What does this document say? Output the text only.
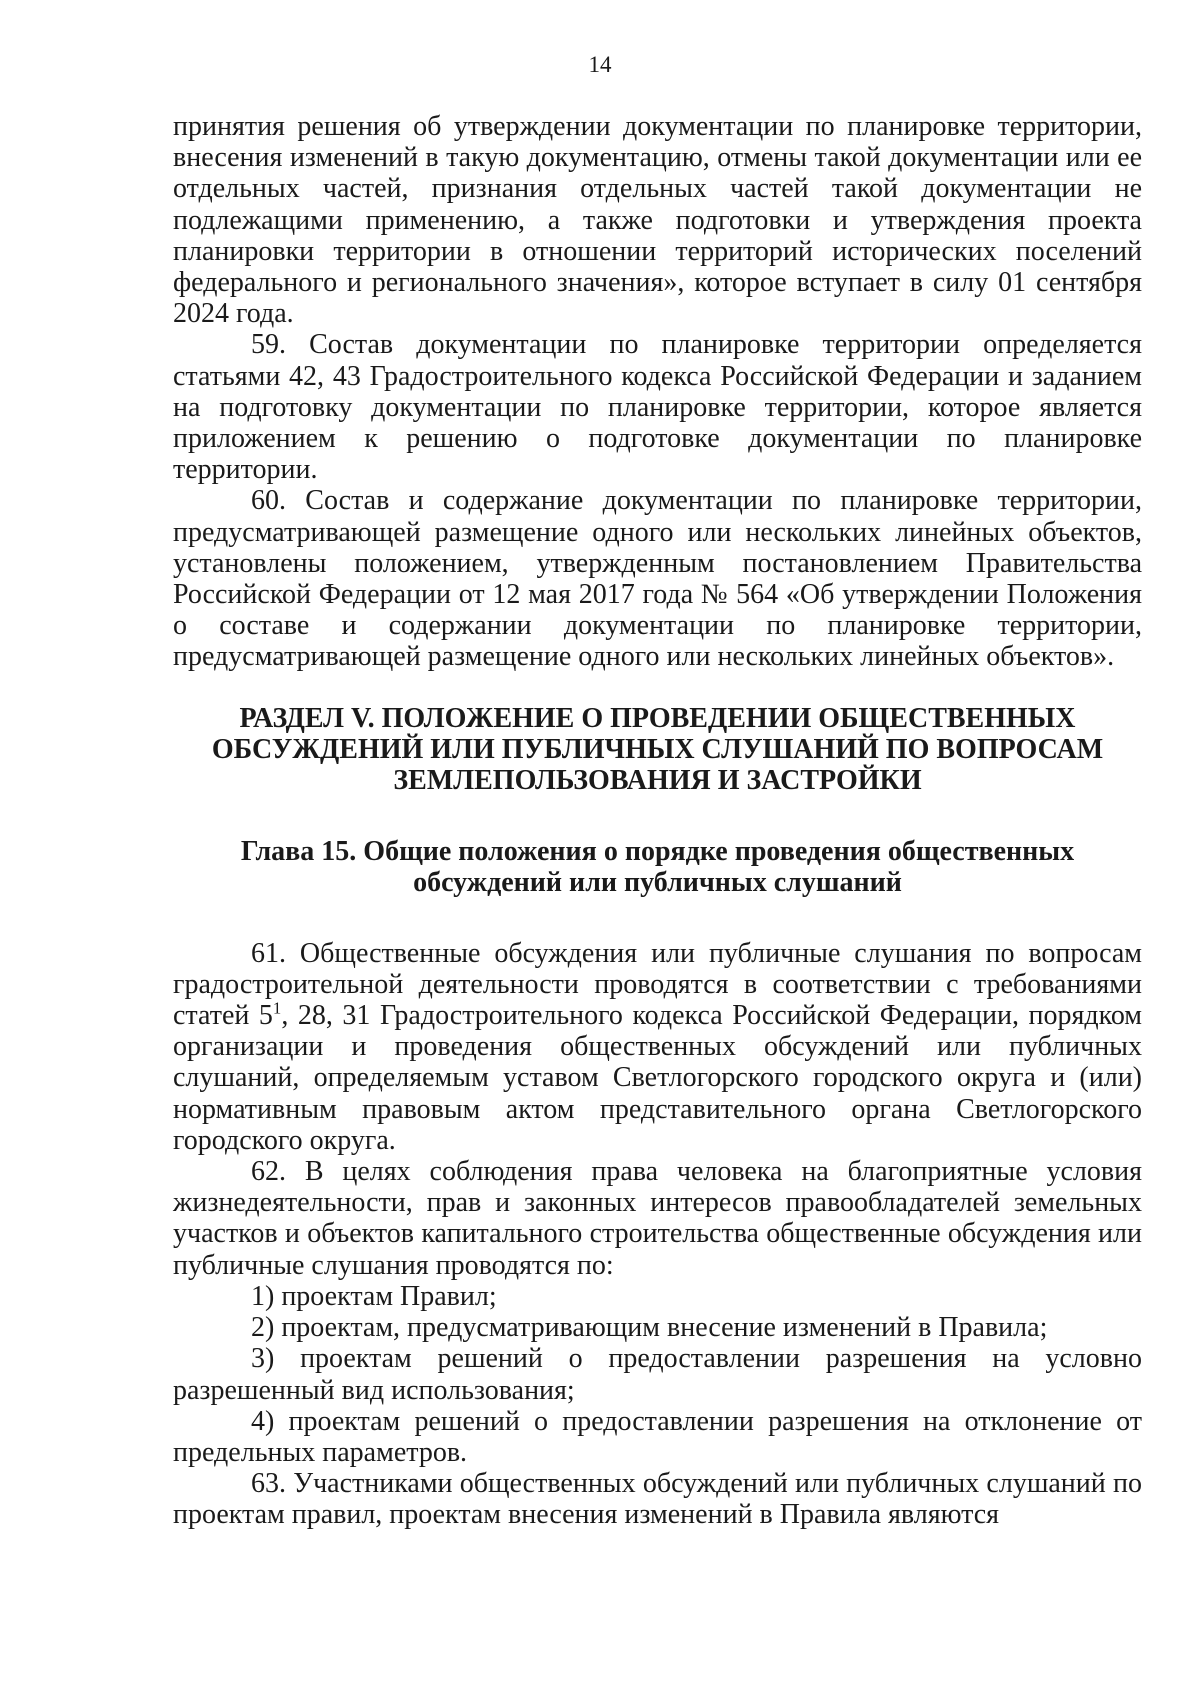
14

принятия решения об утверждении документации по планировке территории, внесения изменений в такую документацию, отмены такой документации или ее отдельных частей, признания отдельных частей такой документации не подлежащими применению, а также подготовки и утверждения проекта планировки территории в отношении территорий исторических поселений федерального и регионального значения», которое вступает в силу 01 сентября 2024 года.

59. Состав документации по планировке территории определяется статьями 42, 43 Градостроительного кодекса Российской Федерации и заданием на подготовку документации по планировке территории, которое является приложением к решению о подготовке документации по планировке территории.

60. Состав и содержание документации по планировке территории, предусматривающей размещение одного или нескольких линейных объектов, установлены положением, утвержденным постановлением Правительства Российской Федерации от 12 мая 2017 года № 564 «Об утверждении Положения о составе и содержании документации по планировке территории, предусматривающей размещение одного или нескольких линейных объектов».

РАЗДЕЛ V. ПОЛОЖЕНИЕ О ПРОВЕДЕНИИ ОБЩЕСТВЕННЫХ
ОБСУЖДЕНИЙ ИЛИ ПУБЛИЧНЫХ СЛУШАНИЙ ПО ВОПРОСАМ
ЗЕМЛЕПОЛЬЗОВАНИЯ И ЗАСТРОЙКИ
Глава 15. Общие положения о порядке проведения общественных
обсуждений или публичных слушаний

61. Общественные обсуждения или публичные слушания по вопросам градостроительной деятельности проводятся в соответствии с требованиями статей $5^1$, 28, 31 Градостроительного кодекса Российской Федерации, порядком организации и проведения общественных обсуждений или публичных слушаний, определяемым уставом Светлогорского городского округа и (или) нормативным правовым актом представительного органа Светлогорского городского округа.

62. В целях соблюдения права человека на благоприятные условия жизнедеятельности, прав и законных интересов правообладателей земельных участков и объектов капитального строительства общественные обсуждения или публичные слушания проводятся по:

1) проектам Правил;

2) проектам, предусматривающим внесение изменений в Правила;

3) проектам решений о предоставлении разрешения на условно разрешенный вид использования;

4) проектам решений о предоставлении разрешения на отклонение от предельных параметров.

63. Участниками общественных обсуждений или публичных слушаний по проектам правил, проектам внесения изменений в Правила являются
